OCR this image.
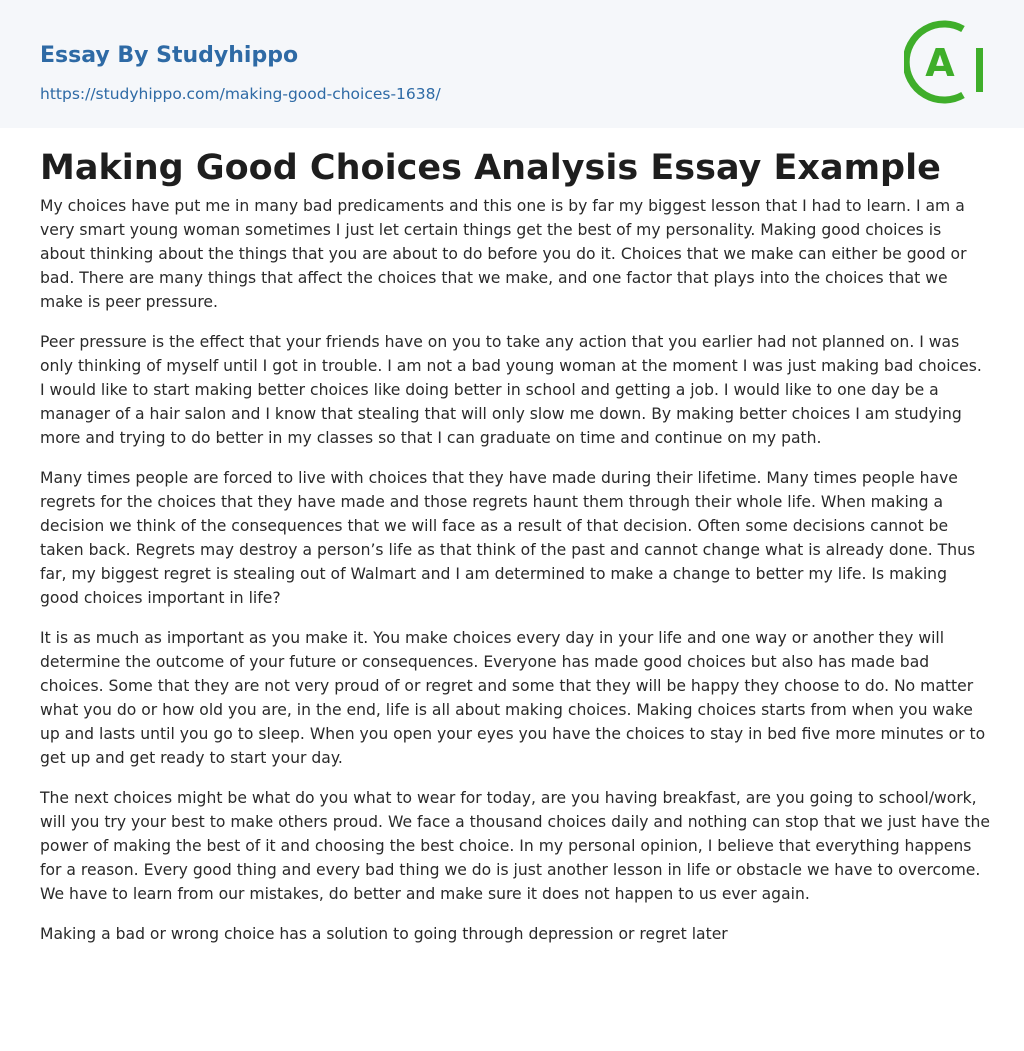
Essay By Studyhippo
https://studyhippo.com/making-good-choices-1638/
A
Making Good Choices Analysis Essay Example

My choices have put me in many bad predicaments and this one is by far my biggest lesson that I had to learn. I am a very smart young woman sometimes I just let certain things get the best of my personality. Making good choices is about thinking about the things that you are about to do before you do it. Choices that we make can either be good or bad. There are many things that affect the choices that we make, and one factor that plays into the choices that we make is peer pressure.

Peer pressure is the effect that your friends have on you to take any action that you earlier had not planned on. I was only thinking of myself until I got in trouble. I am not a bad young woman at the moment I was just making bad choices. I would like to start making better choices like doing better in school and getting a job. I would like to one day be a manager of a hair salon and I know that stealing that will only slow me down. By making better choices I am studying more and trying to do better in my classes so that I can graduate on time and continue on my path.

Many times people are forced to live with choices that they have made during their lifetime. Many times people have regrets for the choices that they have made and those regrets haunt them through their whole life. When making a decision we think of the consequences that we will face as a result of that decision. Often some decisions cannot be taken back. Regrets may destroy a person’s life as that think of the past and cannot change what is already done. Thus far, my biggest regret is stealing out of Walmart and I am determined to make a change to better my life. Is making good choices important in life?

It is as much as important as you make it. You make choices every day in your life and one way or another they will determine the outcome of your future or consequences. Everyone has made good choices but also has made bad choices. Some that they are not very proud of or regret and some that they will be happy they choose to do. No matter what you do or how old you are, in the end, life is all about making choices. Making choices starts from when you wake up and lasts until you go to sleep. When you open your eyes you have the choices to stay in bed five more minutes or to get up and get ready to start your day.

The next choices might be what do you what to wear for today, are you having breakfast, are you going to school/work, will you try your best to make others proud. We face a thousand choices daily and nothing can stop that we just have the power of making the best of it and choosing the best choice. In my personal opinion, I believe that everything happens for a reason. Every good thing and every bad thing we do is just another lesson in life or obstacle we have to overcome. We have to learn from our mistakes, do better and make sure it does not happen to us ever again.

Making a bad or wrong choice has a solution to going through depression or regret later
